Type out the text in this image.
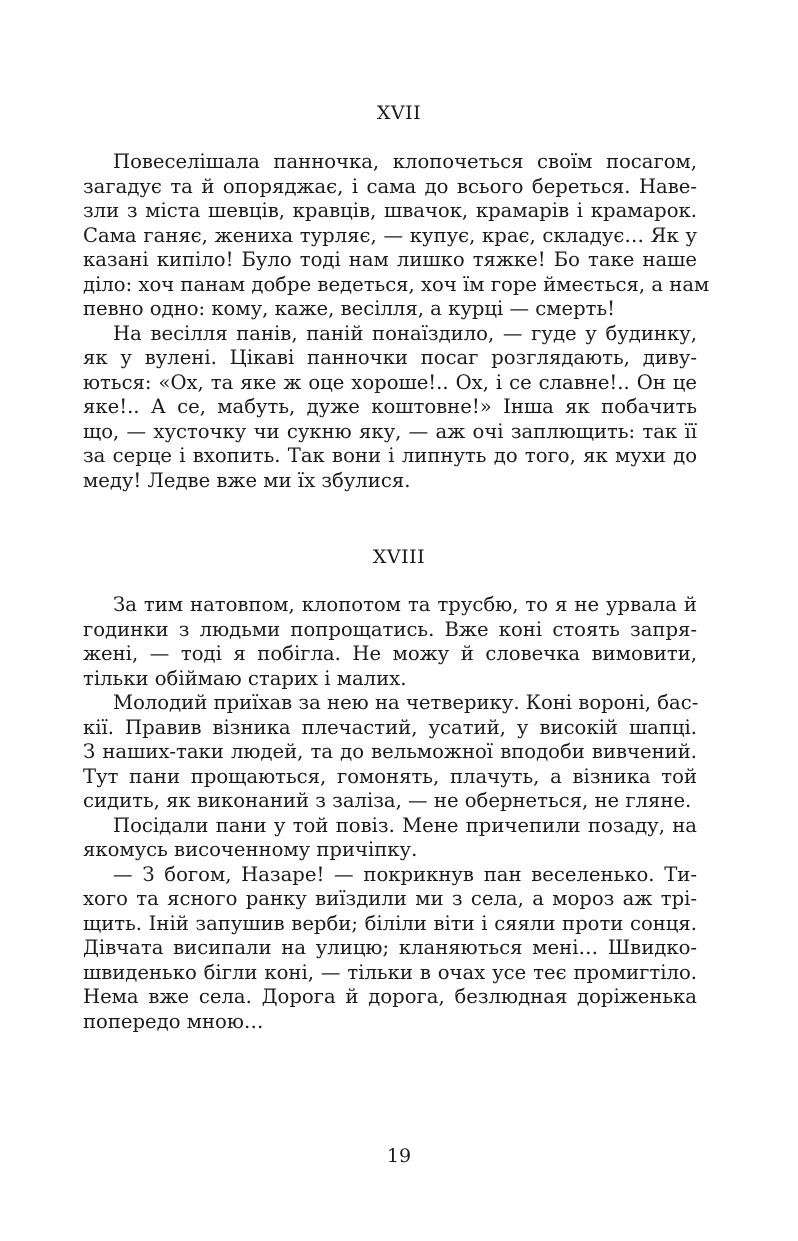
XVII
Повеселішала панночка, клопочеться своїм посагом,
загадує та й опоряджає, і сама до всього береться. Наве-
зли з міста шевців, кравців, швачок, крамарів і крамарок.
Сама ганяє, жениха турляє, — купує, крає, складує… Як у
казані кипіло! Було тоді нам лишко тяжке! Бо таке наше
діло: хоч панам добре ведеться, хоч їм горе ймеється, а нам
певно одно: кому, каже, весілля, а курці — смерть!
На весілля панів, паній понаїздило, — гуде у будинку,
як у вулені. Цікаві панночки посаг розглядають, диву-
ються: «Ох, та яке ж оце хороше!.. Ох, і се славне!.. Он це
яке!.. А се, мабуть, дуже коштовне!» Інша як побачить
що, — хусточку чи сукню яку, — аж очі заплющить: так її
за серце і вхопить. Так вони і липнуть до того, як мухи до
меду! Ледве вже ми їх збулися.
XVIII
За тим натовпом, клопотом та трусбю, то я не урвала й
годинки з людьми попрощатись. Вже коні стоять запря-
жені, — тоді я побігла. Не можу й словечка вимовити,
тільки обіймаю старих і малих.
Молодий приїхав за нею на четверику. Коні вороні, бас-
кії. Правив візника плечастий, усатий, у високій шапці.
З наших-таки людей, та до вельможної вподоби вивчений.
Тут пани прощаються, гомонять, плачуть, а візника той
сидить, як виконаний з заліза, — не обернеться, не гляне.
Посідали пани у той повіз. Мене причепили позаду, на
якомусь височенному причіпку.
— З богом, Назаре! — покрикнув пан веселенько. Ти-
хого та ясного ранку виїздили ми з села, а мороз аж трі-
щить. Іній запушив верби; біліли віти і сяяли проти сонця.
Дівчата висипали на улицю; кланяються мені… Швидко-
швиденько бігли коні, — тільки в очах усе теє промигтіло.
Нема вже села. Дорога й дорога, безлюдная доріженька
попередо мною…
19
